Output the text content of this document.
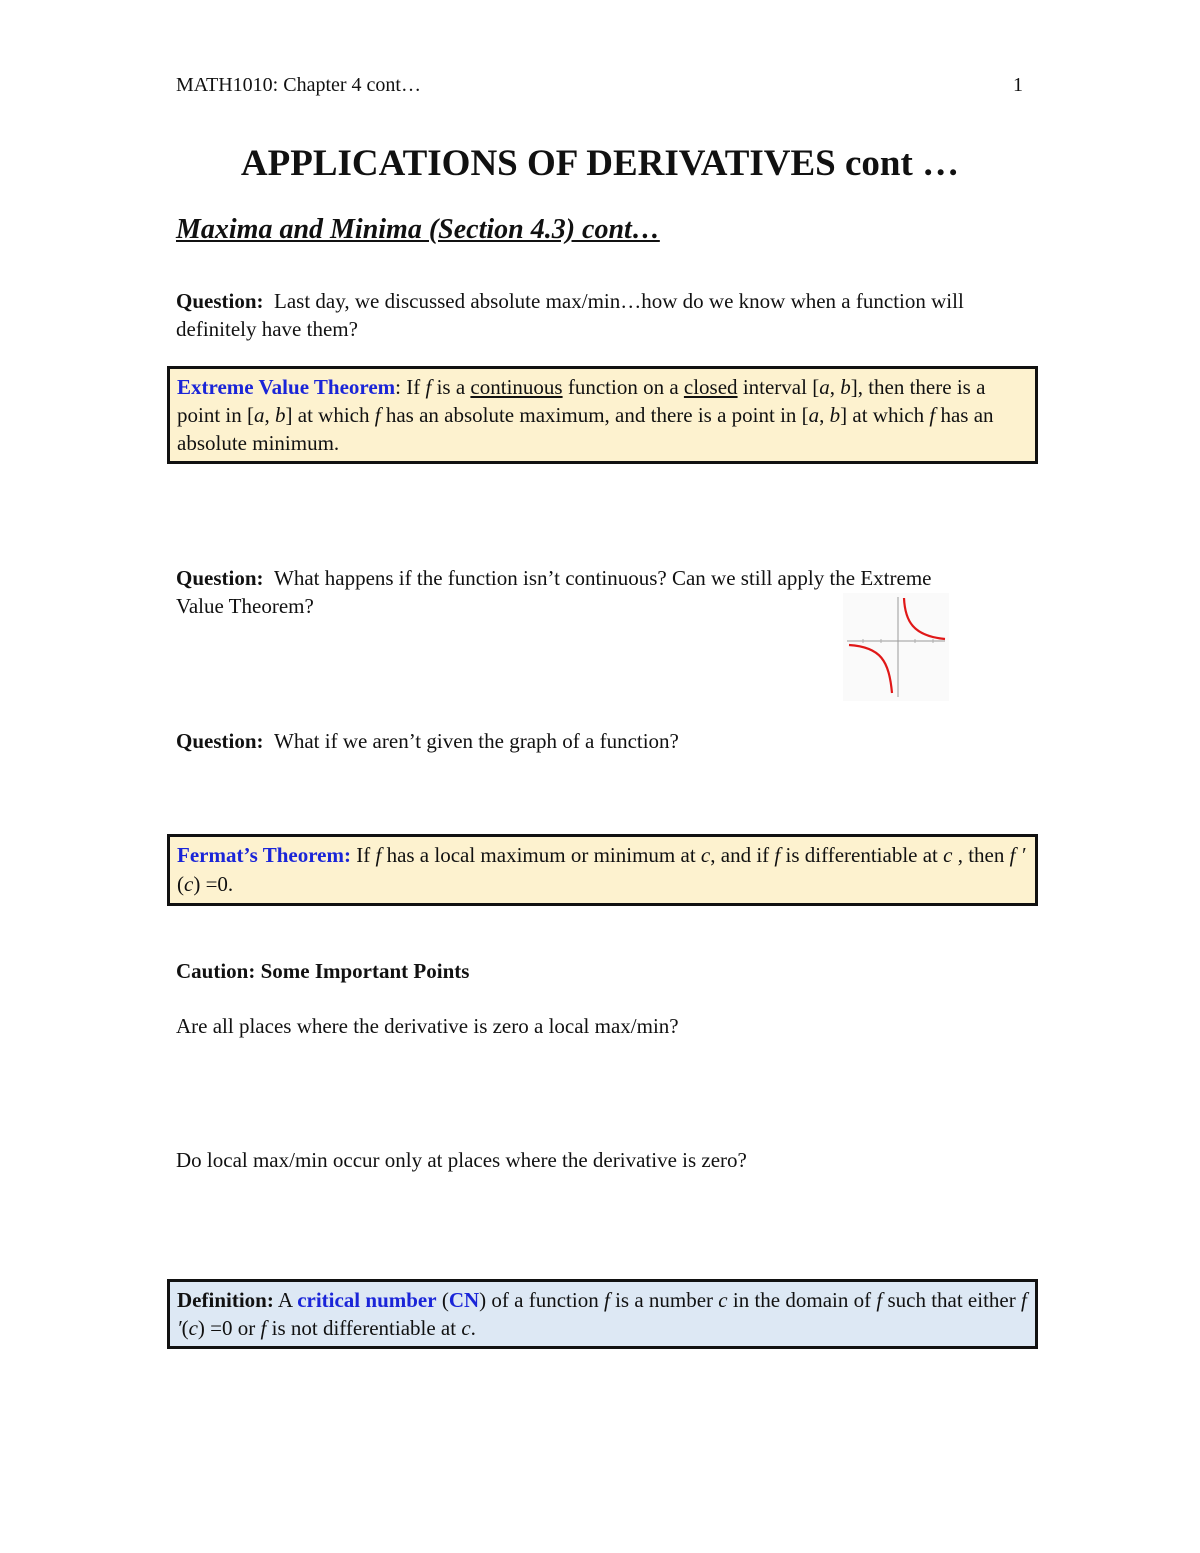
MATH1010: Chapter 4 cont…	1
APPLICATIONS OF DERIVATIVES cont …
Maxima and Minima (Section 4.3) cont…
Question: Last day, we discussed absolute max/min…how do we know when a function will definitely have them?
Extreme Value Theorem: If f is a continuous function on a closed interval [a, b], then there is a point in [a, b] at which f has an absolute maximum, and there is a point in [a, b] at which f has an absolute minimum.
Question: What happens if the function isn’t continuous? Can we still apply the Extreme Value Theorem?
Question: What if we aren’t given the graph of a function?
Fermat’s Theorem: If f has a local maximum or minimum at c, and if f is differentiable at c , then f ′(c) =0.
Caution: Some Important Points
Are all places where the derivative is zero a local max/min?
Do local max/min occur only at places where the derivative is zero?
Definition: A critical number (CN) of a function f is a number c in the domain of f such that either f ′(c) =0 or f is not differentiable at c.
